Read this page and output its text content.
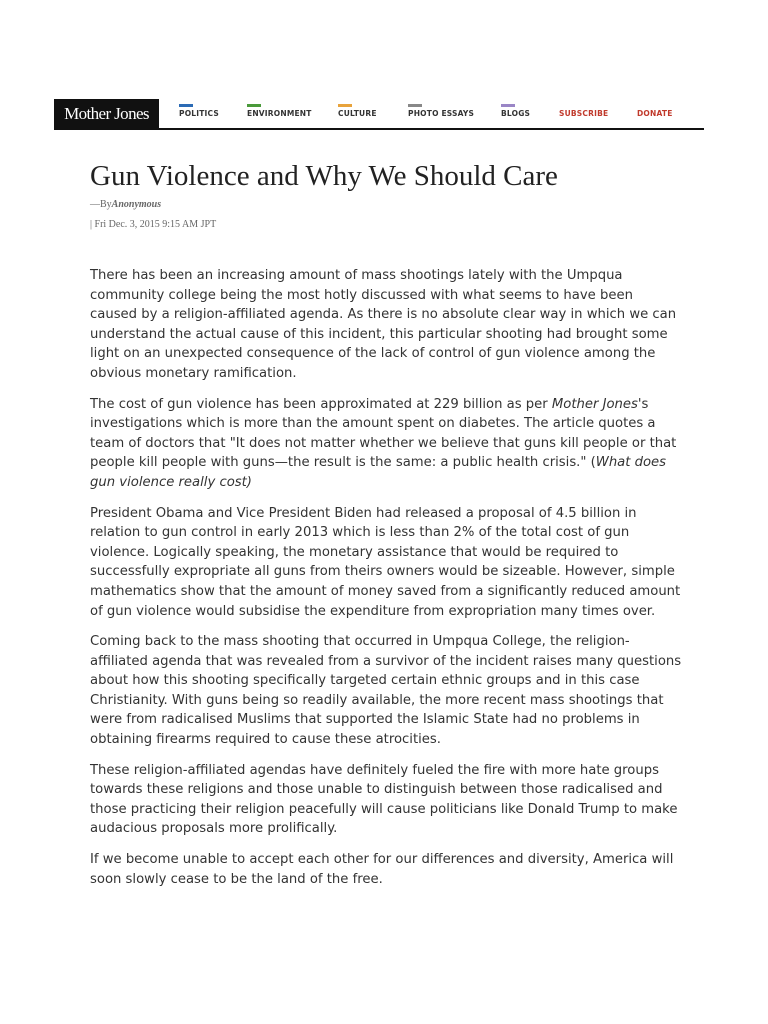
Mother Jones	POLITICS	ENVIRONMENT	CULTURE	PHOTO ESSAYS	BLOGS	SUBSCRIBE	DONATE
Gun Violence and Why We Should Care
—ByAnonymous
| Fri Dec. 3, 2015 9:15 AM JPT

There has been an increasing amount of mass shootings lately with the Umpqua community college being the most hotly discussed with what seems to have been caused by a religion-affiliated agenda. As there is no absolute clear way in which we can understand the actual cause of this incident, this particular shooting had brought some light on an unexpected consequence of the lack of control of gun violence among the obvious monetary ramification.

The cost of gun violence has been approximated at 229 billion as per Mother Jones's investigations which is more than the amount spent on diabetes. The article quotes a team of doctors that "It does not matter whether we believe that guns kill people or that people kill people with guns—the result is the same: a public health crisis." (What does gun violence really cost)

President Obama and Vice President Biden had released a proposal of 4.5 billion in relation to gun control in early 2013 which is less than 2% of the total cost of gun violence. Logically speaking, the monetary assistance that would be required to successfully expropriate all guns from theirs owners would be sizeable. However, simple mathematics show that the amount of money saved from a significantly reduced amount of gun violence would subsidise the expenditure from expropriation many times over.

Coming back to the mass shooting that occurred in Umpqua College, the religion-affiliated agenda that was revealed from a survivor of the incident raises many questions about how this shooting specifically targeted certain ethnic groups and in this case Christianity. With guns being so readily available, the more recent mass shootings that were from radicalised Muslims that supported the Islamic State had no problems in obtaining firearms required to cause these atrocities.

These religion-affiliated agendas have definitely fueled the fire with more hate groups towards these religions and those unable to distinguish between those radicalised and those practicing their religion peacefully will cause politicians like Donald Trump to make audacious proposals more prolifically.

If we become unable to accept each other for our differences and diversity, America will soon slowly cease to be the land of the free.
